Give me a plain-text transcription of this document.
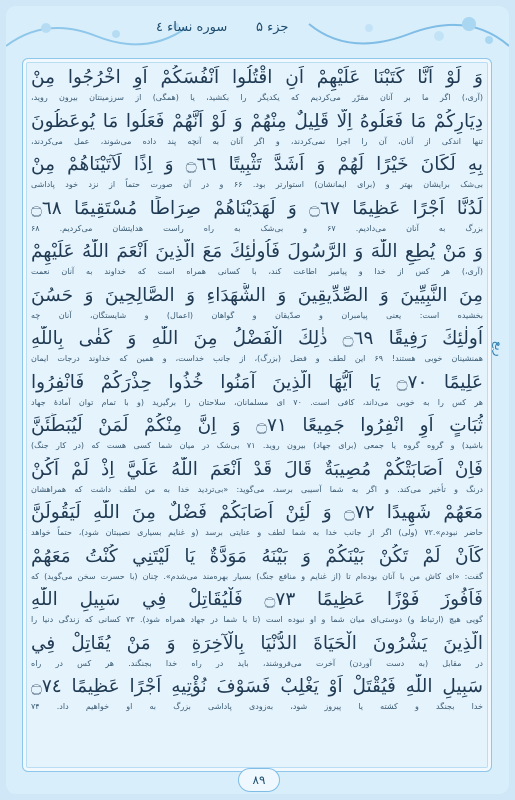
سوره نساء ٤ جزء ۵
وَ لَوْ اَنَّا كَتَبْنَا عَلَيْهِمْ اَنِ اقْتُلُوا اَنْفُسَكُمْ اَوِ اخْرُجُوا مِنْ
(آری،) اگر ما بر آنان مقرّر می‌کردیم که یکدیگر را بکشید، یا (همگی) از سرزمینتان بیرون روید،
دِيَارِكُمْ مَا فَعَلُوهُ اِلَّا قَلِيلٌ مِنْهُمْ وَ لَوْ اَنَّهُمْ فَعَلُوا مَا يُوعَظُونَ
تنها اندکی از آنان، آن را اجرا نمی‌کردند، و اگر آنان به آنچه پند داده می‌شوند، عمل می‌کردند،
بِهِ لَكَانَ خَيْرًا لَهُمْ وَ اَشَدَّ تَثْبِيتًا ۝٦٦ وَ اِذًا لَآتَيْنَاهُمْ مِنْ
بی‌شک برایشان بهتر و (برای ایمانشان) استوارتر بود. ۶۶ و در آن صورت حتماً از نزد خود پاداشی
لَدُنَّا اَجْرًا عَظِيمًا ۝٦٧ وَ لَهَدَيْنَاهُمْ صِرَاطًا مُسْتَقِيمًا ۝٦٨
بزرگ به آنان می‌دادیم. ۶۷ و بی‌شک به راه راست هدایتشان می‌کردیم. ۶۸
وَ مَنْ يُطِعِ اللّٰهَ وَ الرَّسُولَ فَاُولٰئِكَ مَعَ الَّذِينَ اَنْعَمَ اللّٰهُ عَلَيْهِمْ
(آری،) هر کس از خدا و پیامبر اطاعت کند، با کسانی همراه است که خداوند به آنان نعمت
مِنَ النَّبِيِّينَ وَ الصِّدِّيقِينَ وَ الشُّهَدَاءِ وَ الصَّالِحِينَ وَ حَسُنَ
بخشیده است: یعنی پیامبران و صدّیقان و گواهان (اعمال) و شایستگان، آنان چه
اُولٰئِكَ رَفِيقًا ۝٦٩ ذٰلِكَ الْفَضْلُ مِنَ اللّٰهِ وَ كَفٰى بِاللّٰهِ
همنشینان خوبی هستند! ۶۹ این لطف و فضل (بزرگ)، از جانب خداست، و همین که خداوند درجات ایمان
عَلِيمًا ۝٧٠ يَا اَيُّهَا الَّذِينَ آمَنُوا خُذُوا حِذْرَكُمْ فَانْفِرُوا
هر کس را به خوبی می‌داند، کافی است. ۷۰ ای مسلمانان، سلاحتان را برگیرید (و با تمام توان آمادهٔ جهاد
ثُبَاتٍ اَوِ انْفِرُوا جَمِيعًا ۝٧١ وَ اِنَّ مِنْكُمْ لَمَنْ لَيُبَطِّئَنَّ
باشید) و گروه گروه یا جمعی (برای جهاد) بیرون روید. ۷۱ بی‌شک در میان شما کسی هست که (در کار جنگ)
فَاِنْ اَصَابَتْكُمْ مُصِيبَةٌ قَالَ قَدْ اَنْعَمَ اللّٰهُ عَلَيَّ اِذْ لَمْ اَكُنْ
درنگ و تأخیر می‌کند. و اگر به شما آسیبی برسد، می‌گوید: «بی‌تردید خدا به من لطف داشت که همراهشان
مَعَهُمْ شَهِيدًا ۝٧٢ وَ لَئِنْ اَصَابَكُمْ فَضْلٌ مِنَ اللّٰهِ لَيَقُولَنَّ
حاضر نبودم».۷۲ (ولی) اگر از جانب خدا به شما لطف و عنایتی برسد (و غنایم بسیاری نصیبتان شود)، حتماً خواهد
كَاَنْ لَمْ تَكُنْ بَيْنَكُمْ وَ بَيْنَهُ مَوَدَّةٌ يَا لَيْتَنِي كُنْتُ مَعَهُمْ
گفت: «ای کاش من با آنان بوده‌ام تا (از غنایم و منافع جنگ) بسیار بهره‌مند می‌شدم». چنان (با حسرت سخن می‌گوید) که
فَاَفُوزَ فَوْزًا عَظِيمًا ۝٧٣ فَلْيُقَاتِلْ فِي سَبِيلِ اللّٰهِ
گویی هیچ (ارتباط و) دوستی‌ای میان شما و او نبوده است (تا با شما در جهاد همراه شود). ۷۳ کسانی که زندگی دنیا را
الَّذِينَ يَشْرُونَ الْحَيَاةَ الدُّنْيَا بِالْآخِرَةِ وَ مَنْ يُقَاتِلْ فِي
در مقابل (به دست آوردن) آخرت می‌فروشند، باید در راه خدا بجنگند. هر کس در راه
سَبِيلِ اللّٰهِ فَيُقْتَلْ اَوْ يَغْلِبْ فَسَوْفَ نُؤْتِيهِ اَجْرًا عَظِيمًا ۝٧٤
خدا بجنگد و کشته یا پیروز شود، به‌زودی پاداشی بزرگ به او خواهیم داد. ۷۴
ربع
۸۹
